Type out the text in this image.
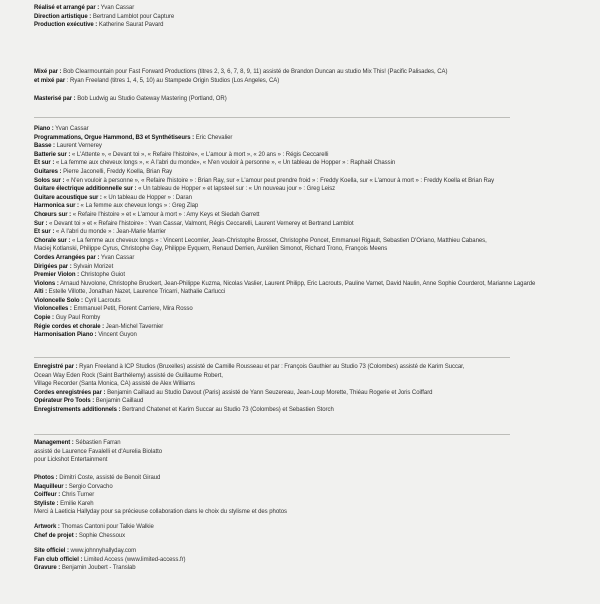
Réalisé et arrangé par : Yvan Cassar
Direction artistique : Bertrand Lamblot pour Capture
Production exécutive : Katherine Saurat Pavard
Mixé par : Bob Clearmountain pour Fast Forward Productions (titres 2, 3, 6, 7, 8, 9, 11) assisté de Brandon Duncan au studio Mix This! (Pacific Palisades, CA)
et mixé par : Ryan Freeland (titres 1, 4, 5, 10) au Stampede Origin Studios (Los Angeles, CA)
Masterisé par : Bob Ludwig au Studio Gateway Mastering (Portland, OR)
Piano : Yvan Cassar
Programmations, Orgue Hammond, B3 et Synthétiseurs : Eric Chevalier
Basse : Laurent Vernerey
Batterie sur : « L'Attente », « Devant toi », « Refaire l'histoire», « L'amour à mort », « 20 ans » : Régis Ceccarelli
Et sur : « La femme aux cheveux longs », « À l'abri du monde», « N'en vouloir à personne », « Un tableau de Hopper » : Raphaël Chassin
Guitares : Pierre Jaconelli, Freddy Koella, Brian Ray
Solos sur : « N'en vouloir à personne », « Refaire l'histoire » : Brian Ray, sur « L'amour peut prendre froid » : Freddy Koella, sur « L'amour à mort » : Freddy Koella et Brian Ray
Guitare électrique additionnelle sur : « Un tableau de Hopper » et lapsteel sur : « Un nouveau jour » : Greg Leisz
Guitare acoustique sur : « Un tableau de Hopper » : Daran
Harmonica sur : « La femme aux cheveux longs » : Greg Zlap
Chœurs sur : « Refaire l'histoire » et « L'amour à mort » : Amy Keys et Siedah Garrett
Sur : « Devant toi » et « Refaire l'histoire» : Yvan Cassar, Valmont, Régis Ceccarelli, Laurent Vernerey et Bertrand Lamblot
Et sur : « À l'abri du monde » : Jean-Marie Marrier
Chorale sur : « La femme aux cheveux longs » : Vincent Lecomler, Jean-Christophe Brosset, Christophe Poncet, Emmanuel Rigault, Sebastien D'Oriano, Matthieu Cabanes,
Maciej Kotlanski, Philippe Cyrus, Christophe Gay, Philippe Eyquem, Renaud Derrien, Aurélien Simonot, Richard Trono, François Meens
Cordes Arrangées par : Yvan Cassar
Dirigées par : Sylvain Morizet
Premier Violon : Christophe Guiot
Violons : Arnaud Nuvolone, Christophe Bruckert, Jean-Philippe Kuzma, Nicolas Vaslier, Laurent Philipp, Eric Lacrouts, Pauline Varnet, David Naulin, Anne Sophie Courderot, Marianne Lagarde
Alti : Estelle Villotte, Jonathan Nazet, Laurence Tricarri, Nathalie Carlucci
Violoncelle Solo : Cyril Lacrouts
Violoncelles : Emmanuel Petit, Florent Carriere, Mira Rosso
Copie : Guy Paul Romby
Régie cordes et chorale : Jean-Michel Tavernier
Harmonisation Piano : Vincent Guyon
Enregistré par : Ryan Freeland à ICP Studios (Bruxelles) assisté de Camille Rousseau et par : François Gauthier au Studio 73 (Colombes) assisté de Karim Succar,
Ocean Way Eden Rock (Saint Barthélemy) assisté de Guillaume Robert,
Village Recorder (Santa Monica, CA) assisté de Alex Williams
Cordes enregistrées par : Benjamin Caillaud au Studio Davout (Paris) assisté de Yann Seuzereau, Jean-Loup Morette, Thiéau Rogerie et Joris Coiffard
Opérateur Pro Tools : Benjamin Caillaud
Enregistrements additionnels : Bertrand Chatenet et Karim Succar au Studio 73 (Colombes) et Sebastien Storch
Management : Sébastien Farran
assisté de Laurence Favalelli et d'Aurelia Biolatto
pour Lickshot Entertainment
Photos : Dimitri Coste, assisté de Benoit Giraud
Maquilleur : Sergio Corvacho
Coiffeur : Chris Turner
Styliste : Emilie Kareh
Merci à Laeticia Hallyday pour sa précieuse collaboration dans le choix du stylisme et des photos
Artwork : Thomas Cantoni pour Talkie Walkie
Chef de projet : Sophie Chessoux
Site officiel : www.johnnyhallyday.com
Fan club officiel : Limited Access (www.limited-access.fr)
Gravure : Benjamin Joubert - Translab
